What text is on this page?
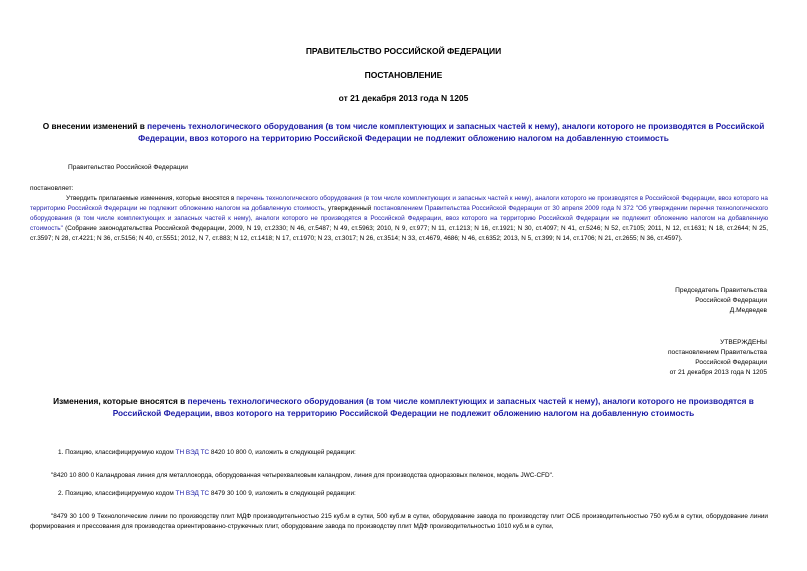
ПРАВИТЕЛЬСТВО РОССИЙСКОЙ ФЕДЕРАЦИИ
ПОСТАНОВЛЕНИЕ
от 21 декабря 2013 года N 1205
О внесении изменений в перечень технологического оборудования (в том числе комплектующих и запасных частей к нему), аналоги которого не производятся в Российской Федерации, ввоз которого на территорию Российской Федерации не подлежит обложению налогом на добавленную стоимость
Правительство Российской Федерации
постановляет:
Утвердить прилагаемые изменения, которые вносятся в перечень технологического оборудования (в том числе комплектующих и запасных частей к нему), аналоги которого не производятся в Российской Федерации, ввоз которого на территорию Российской Федерации не подлежит обложению налогом на добавленную стоимость, утвержденный постановлением Правительства Российской Федерации от 30 апреля 2009 года N 372 "Об утверждении перечня технологического оборудования (в том числе комплектующих и запасных частей к нему), аналоги которого не производятся в Российской Федерации, ввоз которого на территорию Российской Федерации не подлежит обложению налогом на добавленную стоимость" (Собрание законодательства Российской Федерации, 2009, N 19, ст.2330; N 46, ст.5487; N 49, ст.5963; 2010, N 9, ст.977; N 11, ст.1213; N 16, ст.1921; N 30, ст.4097; N 41, ст.5246; N 52, ст.7105; 2011, N 12, ст.1631; N 18, ст.2644; N 25, ст.3597; N 28, ст.4221; N 36, ст.5156; N 40, ст.5551; 2012, N 7, ст.883; N 12, ст.1418; N 17, ст.1970; N 23, ст.3017; N 26, ст.3514; N 33, ст.4679, 4686; N 46, ст.6352; 2013, N 5, ст.399; N 14, ст.1706; N 21, ст.2655; N 36, ст.4597).
Председатель Правительства
Российской Федерации
Д.Медведев
УТВЕРЖДЕНЫ
постановлением Правительства
Российской Федерации
от 21 декабря 2013 года N 1205
Изменения, которые вносятся в перечень технологического оборудования (в том числе комплектующих и запасных частей к нему), аналоги которого не производятся в Российской Федерации, ввоз которого на территорию Российской Федерации не подлежит обложению налогом на добавленную стоимость
1. Позицию, классифицируемую кодом ТН ВЭД ТС 8420 10 800 0, изложить в следующей редакции:
"8420 10 800 0 Каландровая линия для металлокорда, оборудованная четырехвалковым каландром, линия для производства одноразовых пеленок, модель JWC-CFD".
2. Позицию, классифицируемую кодом ТН ВЭД ТС 8479 30 100 9, изложить в следующей редакции:
"8479 30 100 9 Технологические линии по производству плит МДФ производительностью 215 куб.м в сутки, 500 куб.м в сутки, оборудование завода по производству плит ОСБ производительностью 750 куб.м в сутки, оборудование линии формирования и прессования для производства ориентированно-стружечных плит, оборудование завода по производству плит МДФ производительностью 1010 куб.м в сутки,
